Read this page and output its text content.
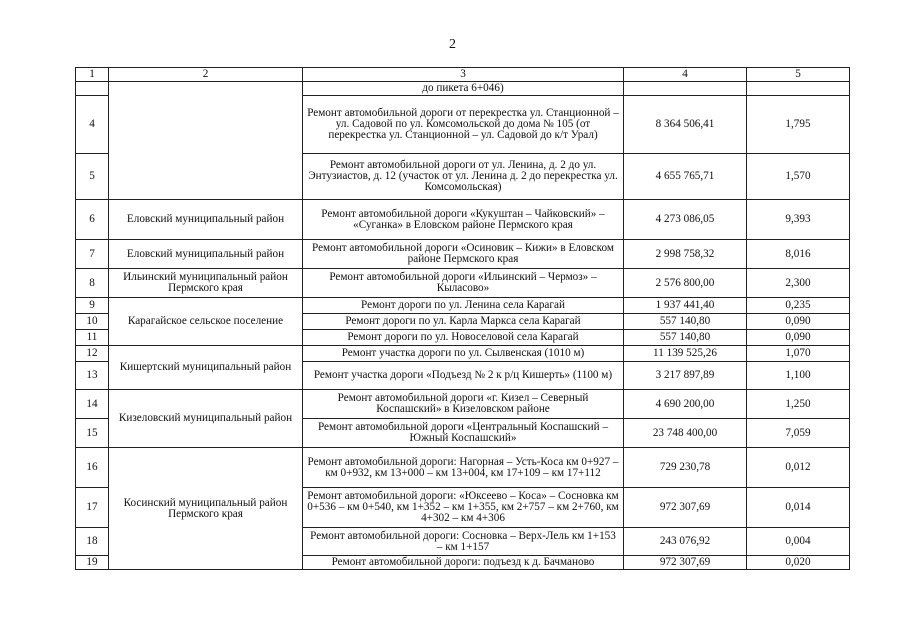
2
1	2	3	4	5
		до пикета 6+046)		
4		Ремонт автомобильной дороги от перекрестка ул. Станционной – ул. Садовой по ул. Комсомольской до дома № 105 (от перекрестка ул. Станционной – ул. Садовой до к/т Урал)	8 364 506,41	1,795
5		Ремонт автомобильной дороги от ул. Ленина, д. 2 до ул. Энтузиастов, д. 12 (участок от ул. Ленина д. 2 до перекрестка ул. Комсомольская)	4 655 765,71	1,570
6	Еловский муниципальный район	Ремонт автомобильной дороги «Кукуштан – Чайковский» – «Суганка» в Еловском районе Пермского края	4 273 086,05	9,393
7	Еловский муниципальный район	Ремонт автомобильной дороги «Осиновик – Кижи» в Еловском районе Пермского края	2 998 758,32	8,016
8	Ильинский муниципальный район Пермского края	Ремонт автомобильной дороги «Ильинский – Чермоз» – Кыласово»	2 576 800,00	2,300
9	Карагайское сельское поселение	Ремонт дороги по ул. Ленина села Карагай	1 937 441,40	0,235
10		Ремонт дороги по ул. Карла Маркса села Карагай	557 140,80	0,090
11		Ремонт дороги по ул. Новоселовой села Карагай	557 140,80	0,090
12	Кишертский муниципальный район	Ремонт участка дороги по ул. Сылвенская (1010 м)	11 139 525,26	1,070
13		Ремонт участка дороги «Подъезд № 2 к р/ц Кишерть» (1100 м)	3 217 897,89	1,100
14	Кизеловский муниципальный район	Ремонт автомобильной дороги «г. Кизел – Северный Коспашский» в Кизеловском районе	4 690 200,00	1,250
15		Ремонт автомобильной дороги «Центральный Коспашский – Южный Коспашский»	23 748 400,00	7,059
16	Косинский муниципальный район Пермского края	Ремонт автомобильной дороги: Нагорная – Усть-Коса км 0+927 – км 0+932, км 13+000 – км 13+004, км 17+109 – км 17+112	729 230,78	0,012
17		Ремонт автомобильной дороги: «Юксеево – Коса» – Сосновка км 0+536 – км 0+540, км 1+352 – км 1+355, км 2+757 – км 2+760, км 4+302 – км 4+306	972 307,69	0,014
18		Ремонт автомобильной дороги: Сосновка – Верх-Лель км 1+153 – км 1+157	243 076,92	0,004
19		Ремонт автомобильной дороги: подъезд к д. Бачманово	972 307,69	0,020
